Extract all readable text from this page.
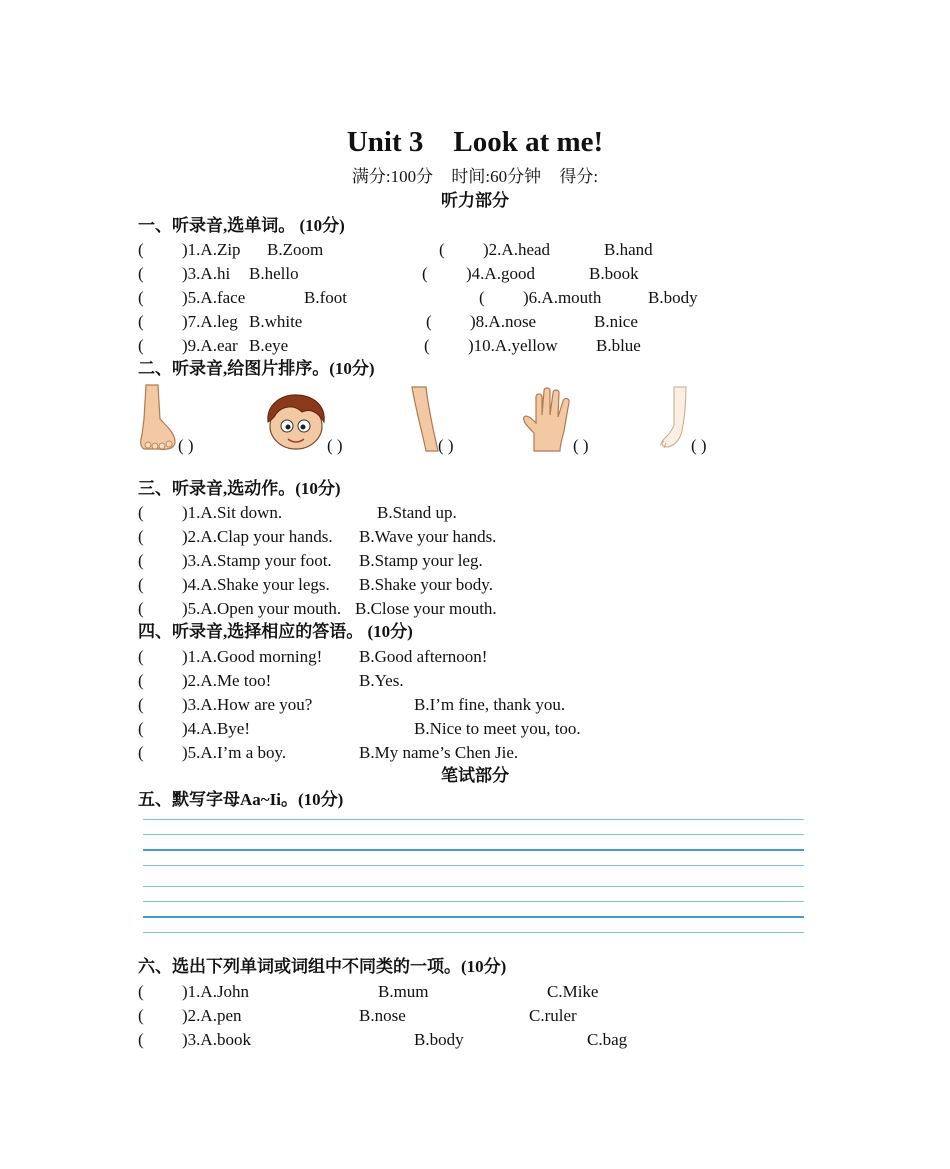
Unit 3 Look at me!
满分:100分 时间:60分钟 得分:
听力部分
一、听录音,选单词。 (10分)
( )1.A.Zip B.Zoom	( )2.A.head	B.hand
( )3.A.hi B.hello	( )4.A.good	B.book
( )5.A.face	B.foot	( )6.A.mouth	B.body
( )7.A.leg B.white	( )8.A.nose	B.nice
( )9.A.ear B.eye	( )10.A.yellow B.blue
二、听录音,给图片排序。(10分)
( )	( )	( )	( )	( )
三、听录音,选动作。(10分)
( )1.A.Sit down.	B.Stand up.
( )2.A.Clap your hands. B.Wave your hands.
( )3.A.Stamp your foot. B.Stamp your leg.
( )4.A.Shake your legs. B.Shake your body.
( )5.A.Open your mouth. B.Close your mouth.
四、听录音,选择相应的答语。 (10分)
( )1.A.Good morning! B.Good afternoon!
( )2.A.Me too!	B.Yes.
( )3.A.How are you?	B.I’m fine, thank you.
( )4.A.Bye!	B.Nice to meet you, too.
( )5.A.I’m a boy.	B.My name’s Chen Jie.
笔试部分
五、默写字母Aa~Ii。(10分)
六、选出下列单词或词组中不同类的一项。(10分)
( )1.A.John	B.mum	C.Mike
( )2.A.pen	B.nose	C.ruler
( )3.A.book	B.body	C.bag
